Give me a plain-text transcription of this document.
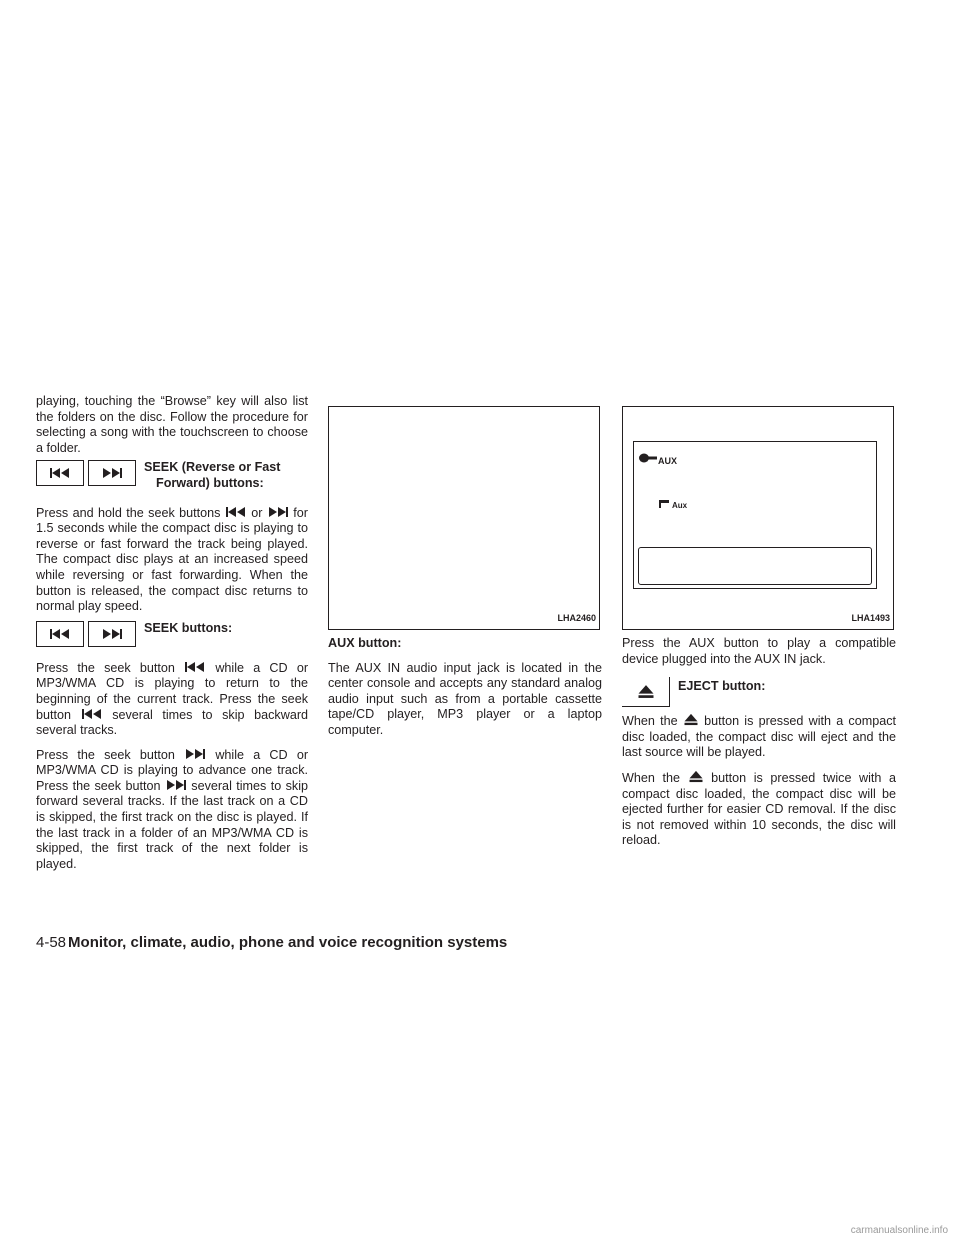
playing, touching the “Browse” key will also list the folders on the disc. Follow the procedure for selecting a song with the touchscreen to choose a folder.

SEEK (Reverse or Fast
Forward) buttons:

Press and hold the seek buttons or for 1.5 seconds while the compact disc is playing to reverse or fast forward the track being played. The compact disc plays at an increased speed while reversing or fast forwarding. When the button is released, the compact disc returns to normal play speed.

SEEK buttons:

Press the seek button	while a CD or MP3/WMA CD is playing to return to the beginning of the current track. Press the seek button	several times to skip backward several tracks.

Press the seek button	while a CD or MP3/WMA CD is playing to advance one track. Press the seek button several times to skip forward several tracks. If the last track on a CD is skipped, the first track on the disc is played. If the last track in a folder of an MP3/WMA CD is skipped, the first track of the next folder is played.

LHA2460

AUX button:

The AUX IN audio input jack is located in the center console and accepts any standard analog audio input such as from a portable cassette tape/CD player, MP3 player or a laptop computer.

AUX
Aux
LHA1493

Press the AUX button to play a compatible device plugged into the AUX IN jack.

EJECT button:

When the button is pressed with a compact disc loaded, the compact disc will eject and the last source will be played.

When the button is pressed twice with a compact disc loaded, the compact disc will be ejected further for easier CD removal. If the disc is not removed within 10 seconds, the disc will reload.

4-58 Monitor, climate, audio, phone and voice recognition systems
carmanualsonline.info
